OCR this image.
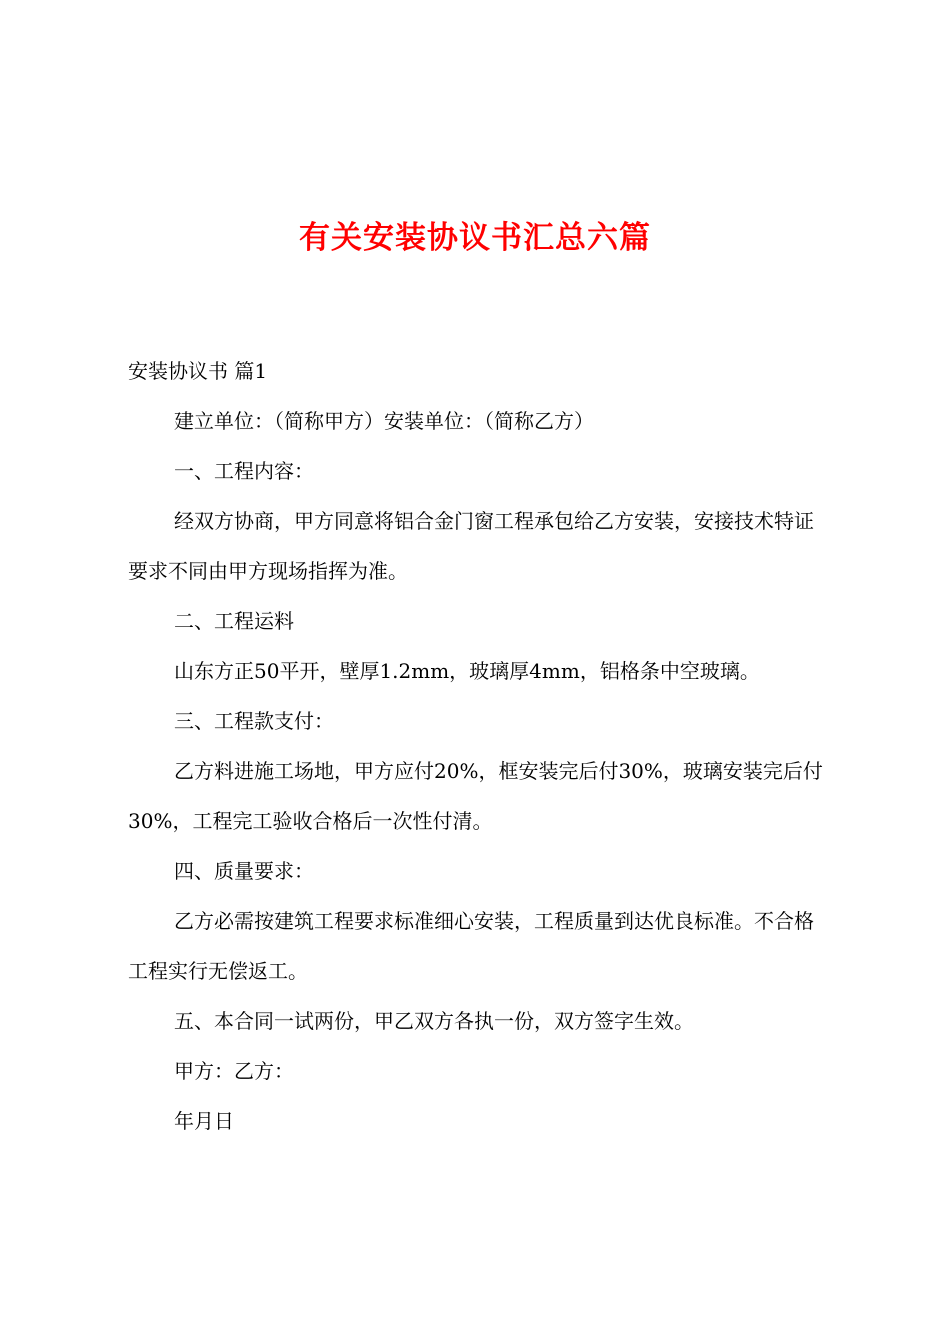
有关安装协议书汇总六篇

安装协议书 篇1

建立单位：（简称甲方）安装单位：（简称乙方）

一、工程内容：

经双方协商，甲方同意将铝合金门窗工程承包给乙方安装，安接技术特证要求不同由甲方现场指挥为准。

二、工程运料

山东方正50平开，壁厚1.2mm，玻璃厚4mm，铝格条中空玻璃。

三、工程款支付：

乙方料进施工场地，甲方应付20%，框安装完后付30%，玻璃安装完后付30%，工程完工验收合格后一次性付清。

四、质量要求：

乙方必需按建筑工程要求标准细心安装，工程质量到达优良标准。不合格工程实行无偿返工。

五、本合同一试两份，甲乙双方各执一份，双方签字生效。

甲方：乙方：

年月日
